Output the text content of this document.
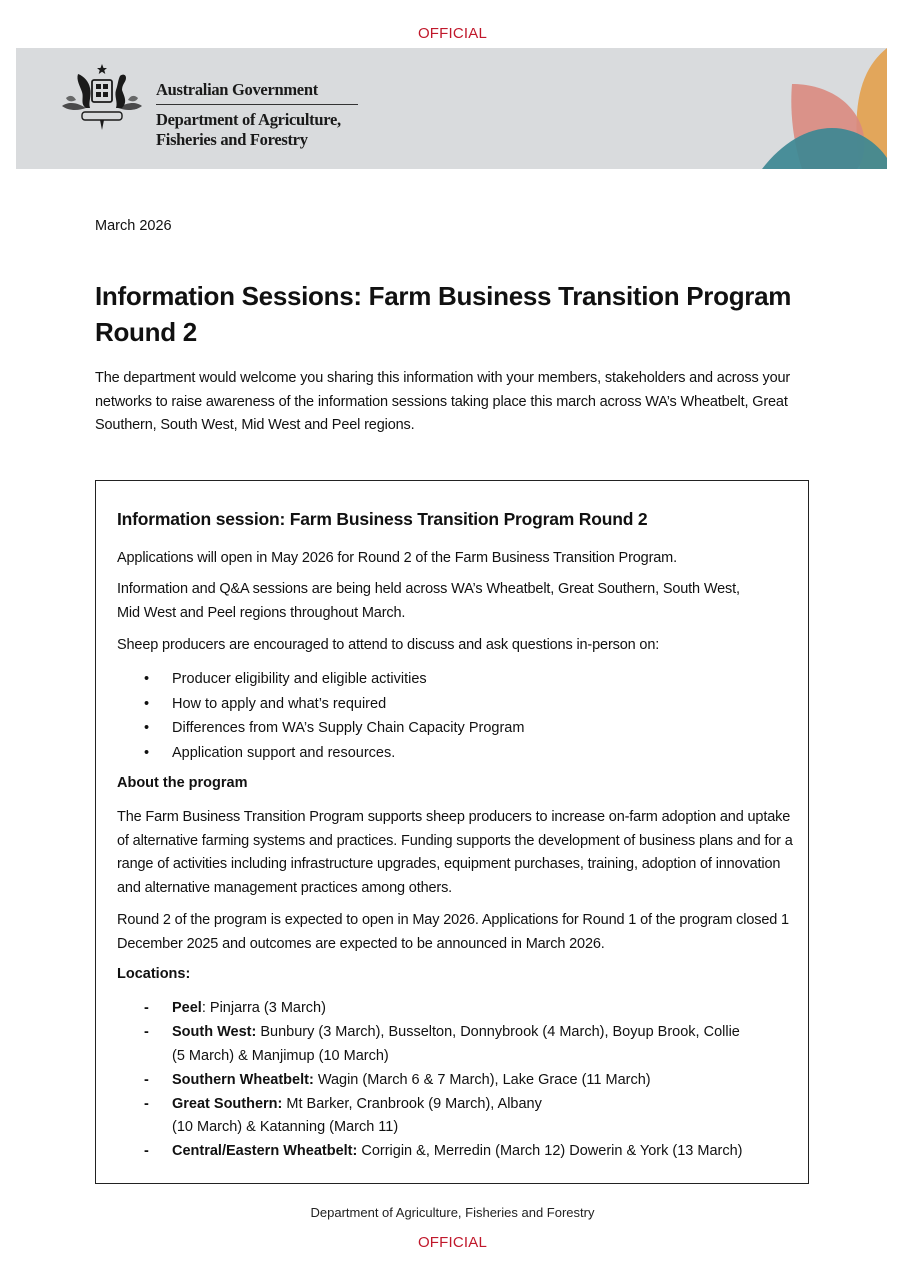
OFFICIAL
Australian Government
Department of Agriculture,
Fisheries and Forestry
March 2026
Information Sessions: Farm Business Transition Program Round 2

The department would welcome you sharing this information with your members, stakeholders and across your networks to raise awareness of the information sessions taking place this march across WA’s Wheatbelt, Great Southern, South West, Mid West and Peel regions.

Information session: Farm Business Transition Program Round 2

Applications will open in May 2026 for Round 2 of the Farm Business Transition Program.

Information and Q&A sessions are being held across WA’s Wheatbelt, Great Southern, South West, Mid West and Peel regions throughout March.

Sheep producers are encouraged to attend to discuss and ask questions in-person on:

• Producer eligibility and eligible activities
• How to apply and what’s required
• Differences from WA’s Supply Chain Capacity Program
• Application support and resources.
About the program

The Farm Business Transition Program supports sheep producers to increase on-farm adoption and uptake of alternative farming systems and practices. Funding supports the development of business plans and for a range of activities including infrastructure upgrades, equipment purchases, training, adoption of innovation and alternative management practices among others.

Round 2 of the program is expected to open in May 2026. Applications for Round 1 of the program closed 1 December 2025 and outcomes are expected to be announced in March 2026.

Locations:
- Peel: Pinjarra (3 March)
- South West: Bunbury (3 March), Busselton, Donnybrook (4 March), Boyup Brook, Collie (5 March) & Manjimup (10 March)
- Southern Wheatbelt: Wagin (March 6 & 7 March), Lake Grace (11 March)
- Great Southern: Mt Barker, Cranbrook (9 March), Albany
(10 March) & Katanning (March 11)
- Central/Eastern Wheatbelt: Corrigin &, Merredin (March 12) Dowerin & York (13 March)
Department of Agriculture, Fisheries and Forestry
OFFICIAL
